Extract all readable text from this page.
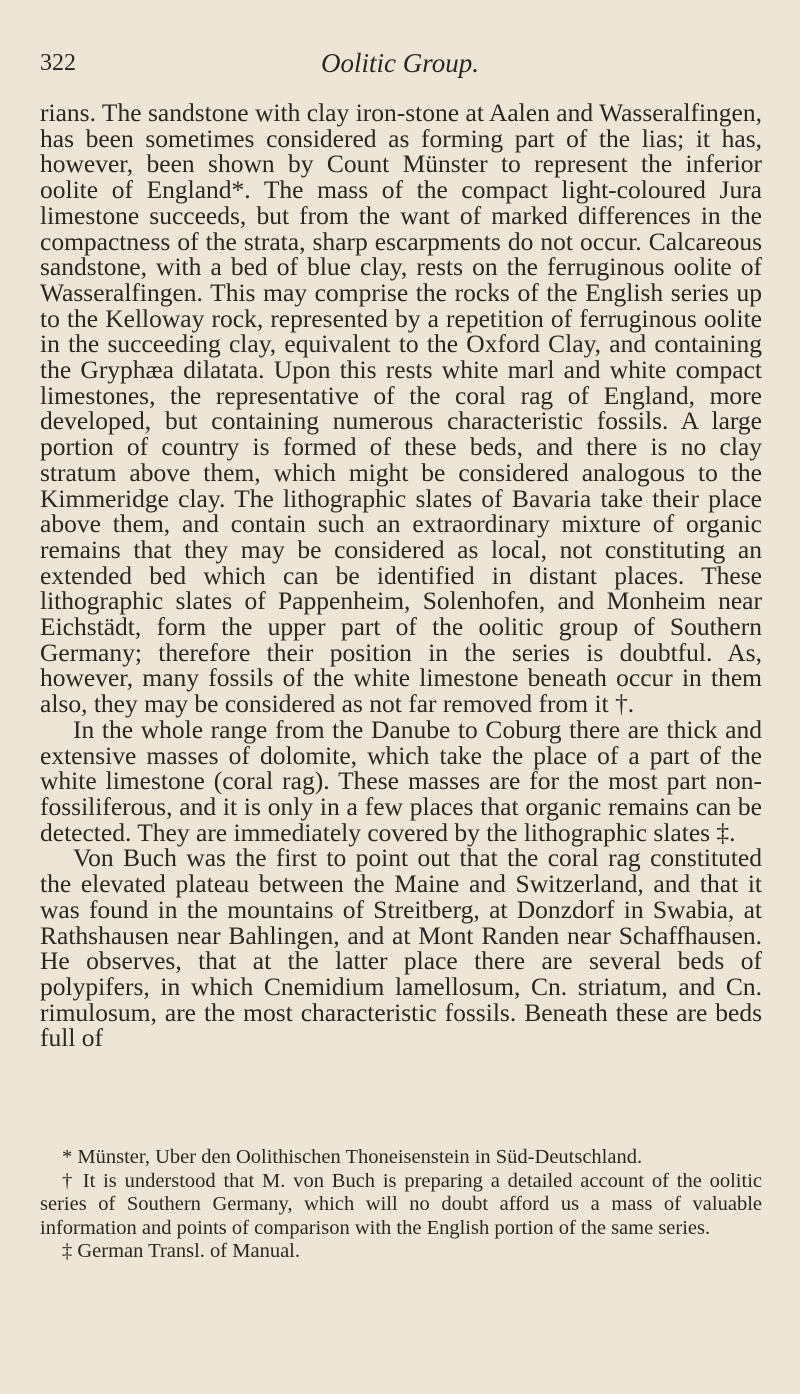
322	Oolitic Group.

rians. The sandstone with clay iron-stone at Aalen and Wasseralfingen, has been sometimes considered as forming part of the lias; it has, however, been shown by Count Münster to represent the inferior oolite of England*. The mass of the compact light-coloured Jura limestone succeeds, but from the want of marked differences in the compactness of the strata, sharp escarpments do not occur. Calcareous sandstone, with a bed of blue clay, rests on the ferruginous oolite of Wasseralfingen. This may comprise the rocks of the English series up to the Kelloway rock, represented by a repetition of ferruginous oolite in the succeeding clay, equivalent to the Oxford Clay, and containing the Gryphæa dilatata. Upon this rests white marl and white compact limestones, the representative of the coral rag of England, more developed, but containing numerous characteristic fossils. A large portion of country is formed of these beds, and there is no clay stratum above them, which might be considered analogous to the Kimmeridge clay. The lithographic slates of Bavaria take their place above them, and contain such an extraordinary mixture of organic remains that they may be considered as local, not constituting an extended bed which can be identified in distant places. These lithographic slates of Pappenheim, Solenhofen, and Monheim near Eichstädt, form the upper part of the oolitic group of Southern Germany; therefore their position in the series is doubtful. As, however, many fossils of the white limestone beneath occur in them also, they may be considered as not far removed from it †.

In the whole range from the Danube to Coburg there are thick and extensive masses of dolomite, which take the place of a part of the white limestone (coral rag). These masses are for the most part non-fossiliferous, and it is only in a few places that organic remains can be detected. They are immediately covered by the lithographic slates ‡.

Von Buch was the first to point out that the coral rag constituted the elevated plateau between the Maine and Switzerland, and that it was found in the mountains of Streitberg, at Donzdorf in Swabia, at Rathshausen near Bahlingen, and at Mont Randen near Schaffhausen. He observes, that at the latter place there are several beds of polypifers, in which Cnemidium lamellosum, Cn. striatum, and Cn. rimulosum, are the most characteristic fossils. Beneath these are beds full of

* Münster, Uber den Oolithischen Thoneisenstein in Süd-Deutschland.

† It is understood that M. von Buch is preparing a detailed account of the oolitic series of Southern Germany, which will no doubt afford us a mass of valuable information and points of comparison with the English portion of the same series.

‡ German Transl. of Manual.
